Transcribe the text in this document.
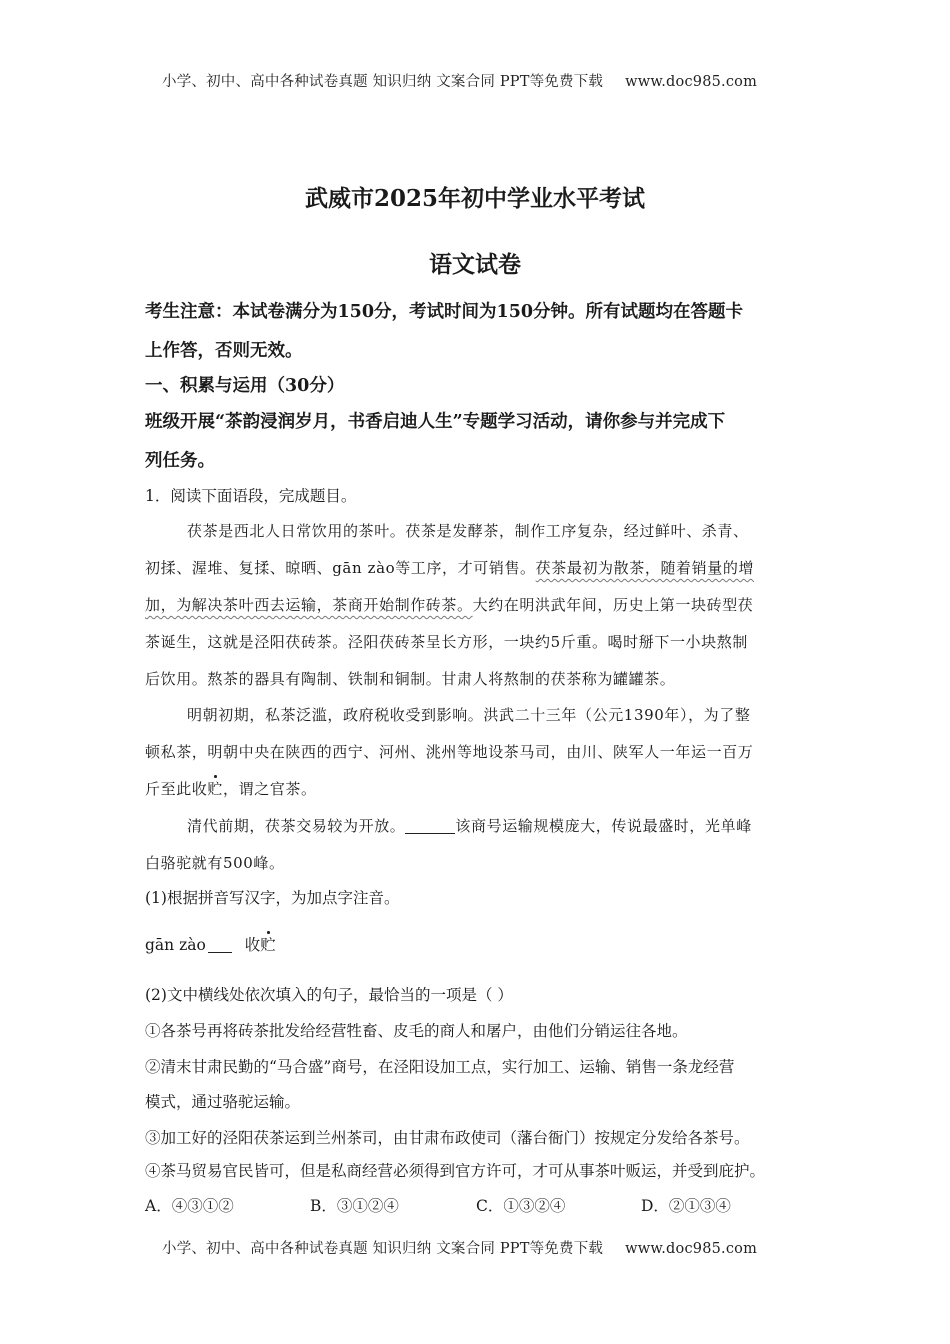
小学、初中、高中各种试卷真题 知识归纳 文案合同 PPT等免费下载 www.doc985.com
武威市2025年初中学业水平考试
语文试卷
考生注意：本试卷满分为150分，考试时间为150分钟。所有试题均在答题卡
上作答，否则无效。
一、积累与运用（30分）
班级开展“茶韵浸润岁月，书香启迪人生”专题学习活动，请你参与并完成下
列任务。
1．阅读下面语段，完成题目。
茯茶是西北人日常饮用的茶叶。茯茶是发酵茶，制作工序复杂，经过鲜叶、杀青、
初揉、渥堆、复揉、晾晒、gān zào等工序，才可销售。茯茶最初为散茶，随着销量的增
加，为解决茶叶西去运输，茶商开始制作砖茶。大约在明洪武年间，历史上第一块砖型茯
茶诞生，这就是泾阳茯砖茶。泾阳茯砖茶呈长方形，一块约5斤重。喝时掰下一小块熬制
后饮用。熬茶的器具有陶制、铁制和铜制。甘肃人将熬制的茯茶称为罐罐茶。
明朝初期，私茶泛滥，政府税收受到影响。洪武二十三年（公元1390年），为了整
顿私茶，明朝中央在陕西的西宁、河州、洮州等地设茶马司，由川、陕军人一年运一百万
斤至此收贮，谓之官茶。
清代前期，茯茶交易较为开放。	该商号运输规模庞大，传说最盛时，光单峰
白骆驼就有500峰。
(1)根据拼音写汉字，为加点字注音。
gān zào	收贮
(2)文中横线处依次填入的句子，最恰当的一项是（ ）
①各茶号再将砖茶批发给经营牲畜、皮毛的商人和屠户，由他们分销运往各地。
②清末甘肃民勤的“马合盛”商号，在泾阳设加工点，实行加工、运输、销售一条龙经营
模式，通过骆驼运输。
③加工好的泾阳茯茶运到兰州茶司，由甘肃布政使司（藩台衙门）按规定分发给各茶号。
④茶马贸易官民皆可，但是私商经营必须得到官方许可，才可从事茶叶贩运，并受到庇护。
A．④③①②	B．③①②④	C．①③②④	D．②①③④
小学、初中、高中各种试卷真题 知识归纳 文案合同 PPT等免费下载 www.doc985.com
